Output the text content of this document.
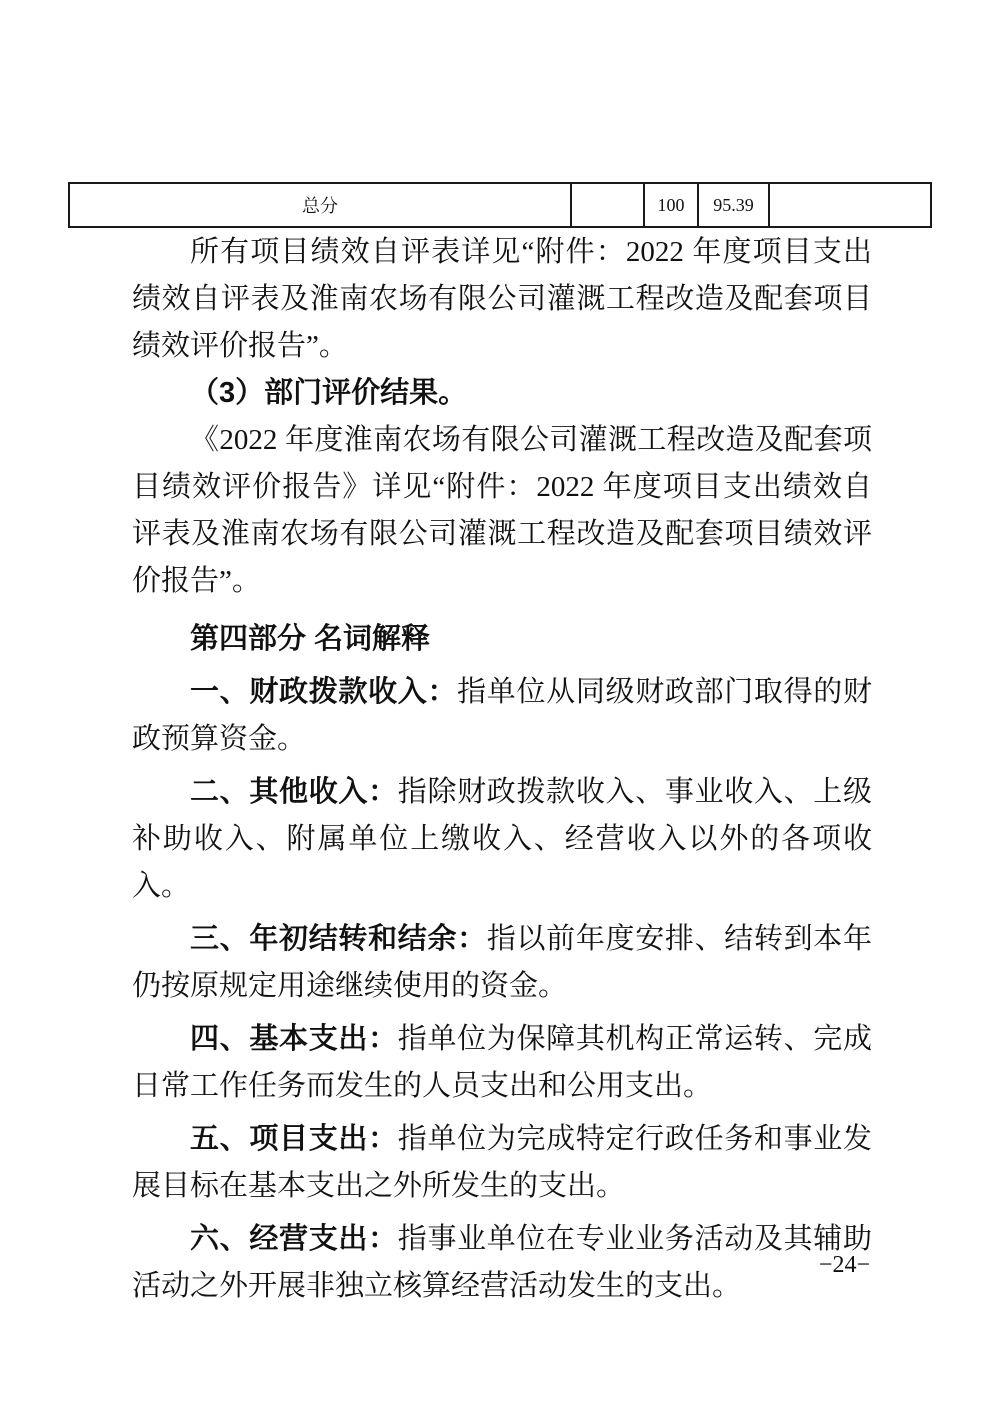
总分	100 95.39

所有项目绩效自评表详见“附件：2022 年度项目支出绩效自评表及淮南农场有限公司灌溉工程改造及配套项目绩效评价报告”。

（3）部门评价结果。

《2022 年度淮南农场有限公司灌溉工程改造及配套项目绩效评价报告》详见“附件：2022 年度项目支出绩效自评表及淮南农场有限公司灌溉工程改造及配套项目绩效评价报告”。

第四部分 名词解释

一、财政拨款收入：指单位从同级财政部门取得的财政预算资金。

二、其他收入：指除财政拨款收入、事业收入、上级补助收入、附属单位上缴收入、经营收入以外的各项收入。

三、年初结转和结余：指以前年度安排、结转到本年仍按原规定用途继续使用的资金。

四、基本支出：指单位为保障其机构正常运转、完成日常工作任务而发生的人员支出和公用支出。

五、项目支出：指单位为完成特定行政任务和事业发展目标在基本支出之外所发生的支出。

六、经营支出：指事业单位在专业业务活动及其辅助活动之外开展非独立核算经营活动发生的支出。

−24−
